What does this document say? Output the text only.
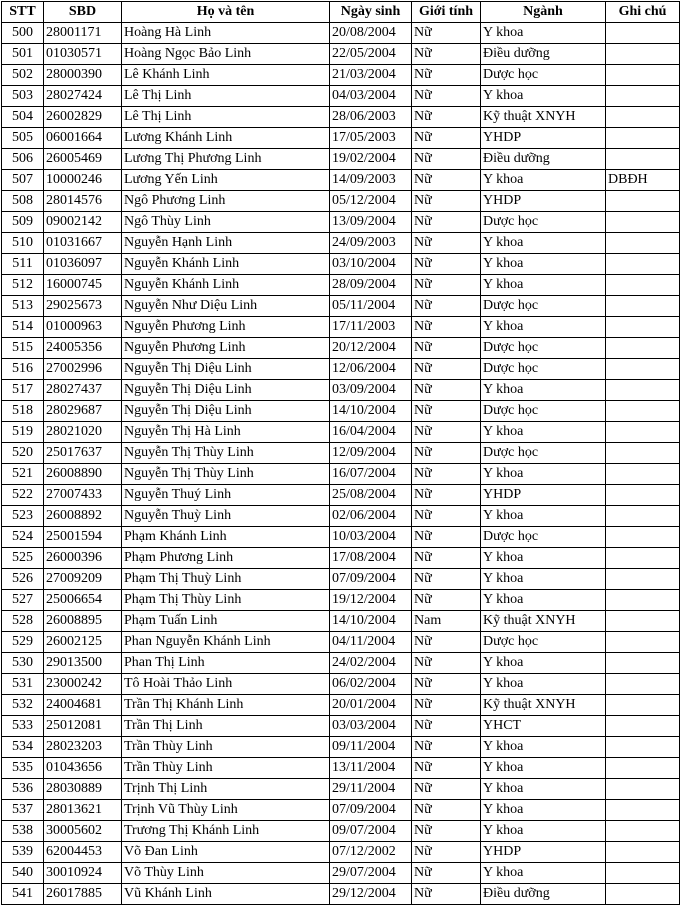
STT	SBD	Họ và tên	Ngày sinh	Giới tính	Ngành	Ghi chú
500	28001171	Hoàng Hà Linh	20/08/2004	Nữ	Y khoa	
501	01030571	Hoàng Ngọc Bảo Linh	22/05/2004	Nữ	Điều dưỡng	
502	28000390	Lê Khánh Linh	21/03/2004	Nữ	Dược học	
503	28027424	Lê Thị Linh	04/03/2004	Nữ	Y khoa	
504	26002829	Lê Thị Linh	28/06/2003	Nữ	Kỹ thuật XNYH	
505	06001664	Lương Khánh Linh	17/05/2003	Nữ	YHDP	
506	26005469	Lương Thị Phương Linh	19/02/2004	Nữ	Điều dưỡng	
507	10000246	Lương Yến Linh	14/09/2003	Nữ	Y khoa	DBĐH
508	28014576	Ngô Phương Linh	05/12/2004	Nữ	YHDP	
509	09002142	Ngô Thùy Linh	13/09/2004	Nữ	Dược học	
510	01031667	Nguyễn Hạnh Linh	24/09/2003	Nữ	Y khoa	
511	01036097	Nguyễn Khánh Linh	03/10/2004	Nữ	Y khoa	
512	16000745	Nguyễn Khánh Linh	28/09/2004	Nữ	Y khoa	
513	29025673	Nguyễn Như Diệu Linh	05/11/2004	Nữ	Dược học	
514	01000963	Nguyễn Phương Linh	17/11/2003	Nữ	Y khoa	
515	24005356	Nguyễn Phương Linh	20/12/2004	Nữ	Dược học	
516	27002996	Nguyễn Thị Diệu Linh	12/06/2004	Nữ	Dược học	
517	28027437	Nguyễn Thị Diệu Linh	03/09/2004	Nữ	Y khoa	
518	28029687	Nguyễn Thị Diệu Linh	14/10/2004	Nữ	Dược học	
519	28021020	Nguyễn Thị Hà Linh	16/04/2004	Nữ	Y khoa	
520	25017637	Nguyễn Thị Thùy Linh	12/09/2004	Nữ	Dược học	
521	26008890	Nguyễn Thị Thùy Linh	16/07/2004	Nữ	Y khoa	
522	27007433	Nguyễn Thuý Linh	25/08/2004	Nữ	YHDP	
523	26008892	Nguyễn Thuỳ Linh	02/06/2004	Nữ	Y khoa	
524	25001594	Phạm Khánh Linh	10/03/2004	Nữ	Dược học	
525	26000396	Phạm Phương Linh	17/08/2004	Nữ	Y khoa	
526	27009209	Phạm Thị Thuỳ Linh	07/09/2004	Nữ	Y khoa	
527	25006654	Phạm Thị Thùy Linh	19/12/2004	Nữ	Y khoa	
528	26008895	Phạm Tuấn Linh	14/10/2004	Nam	Kỹ thuật XNYH	
529	26002125	Phan Nguyễn Khánh Linh	04/11/2004	Nữ	Dược học	
530	29013500	Phan Thị Linh	24/02/2004	Nữ	Y khoa	
531	23000242	Tô Hoài Thảo Linh	06/02/2004	Nữ	Y khoa	
532	24004681	Trần Thị Khánh Linh	20/01/2004	Nữ	Kỹ thuật XNYH	
533	25012081	Trần Thị Linh	03/03/2004	Nữ	YHCT	
534	28023203	Trần Thùy Linh	09/11/2004	Nữ	Y khoa	
535	01043656	Trần Thùy Linh	13/11/2004	Nữ	Y khoa	
536	28030889	Trịnh Thị Linh	29/11/2004	Nữ	Y khoa	
537	28013621	Trịnh Vũ Thùy Linh	07/09/2004	Nữ	Y khoa	
538	30005602	Trương Thị Khánh Linh	09/07/2004	Nữ	Y khoa	
539	62004453	Võ Đan Linh	07/12/2002	Nữ	YHDP	
540	30010924	Võ Thùy Linh	29/07/2004	Nữ	Y khoa	
541	26017885	Vũ Khánh Linh	29/12/2004	Nữ	Điều dưỡng	
